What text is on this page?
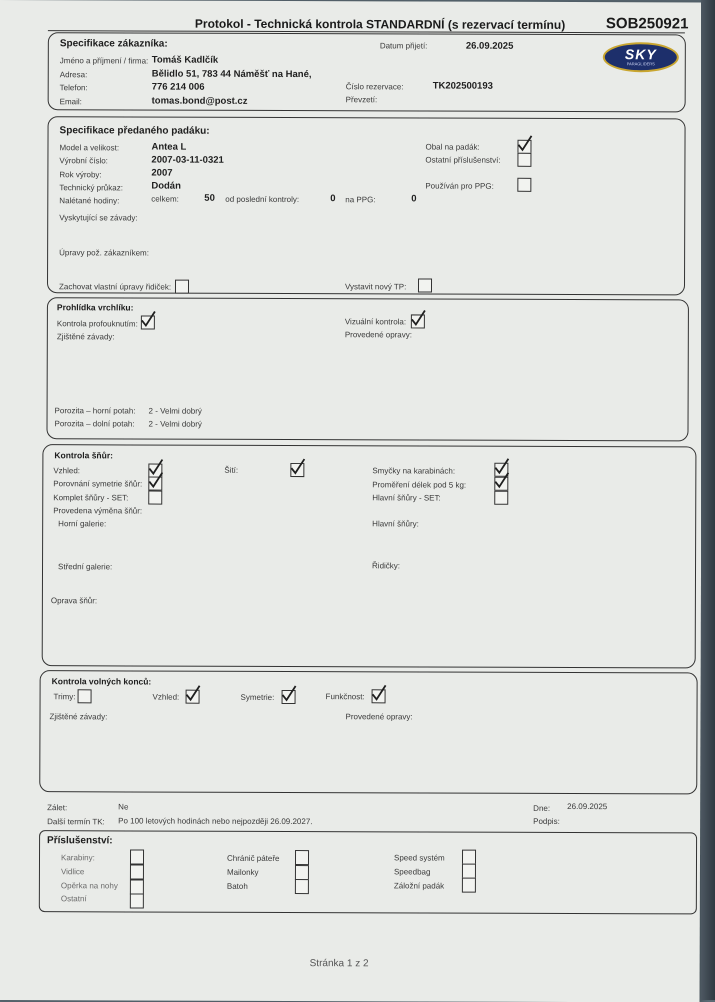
Protokol - Technická kontrola STANDARDNÍ (s rezervací termínu)	SOB250921
SKY
PARAGLIDERS
Specifikace zákazníka:
Jméno a příjmení / firma: Tomáš Kadlčík
Adresa:	Bělidlo 51, 783 44 Náměšť na Hané,
Telefon:	776 214 006
Email:	tomas.bond@post.cz
Datum přijetí:	26.09.2025
Číslo rezervace:	TK202500193
Převzetí:
Specifikace předaného padáku:
Model a velikost:	Antea L
Výrobní číslo:	2007-03-11-0321
Rok výroby:	2007
Technický průkaz:	Dodán
Nalétané hodiny:	celkem:	50 od poslední kontroly:	0 na PPG:	0
Obal na padák:
Ostatní příslušenství:
Používán pro PPG:
Vyskytující se závady:
Úpravy pož. zákazníkem:
Zachovat vlastní úpravy řidiček:	Vystavit nový TP:
Prohlídka vrchlíku:
Kontrola profouknutím:
Zjištěné závady:
Vizuální kontrola:
Provedené opravy:
Porozita – horní potah: 2 - Velmi dobrý
Porozita – dolní potah: 2 - Velmi dobrý
Kontrola šňůr:
Vzhled:	Šití:	Smyčky na karabinách:
Porovnání symetrie šňůr:	Proměření délek pod 5 kg:
Komplet šňůry - SET:	Hlavní šňůry - SET:
Provedena výměna šňůr:
Horní galerie:	Hlavní šňůry:
Střední galerie:	Řidičky:
Oprava šňůr:
Kontrola volných konců:
Trimy:	Vzhled:	Symetrie:	Funkčnost:
Zjištěné závady:	Provedené opravy:
Zálet:	Ne
Další termín TK: Po 100 letových hodinách nebo nejpozději 26.09.2027.
Dne: 26.09.2025
Podpis:
Příslušenství:
Karabiny:
Vidlice
Opěrka na nohy
Ostatní
Chránič páteře
Mailonky
Batoh
Speed systém
Speedbag
Záložní padák
Stránka 1 z 2
